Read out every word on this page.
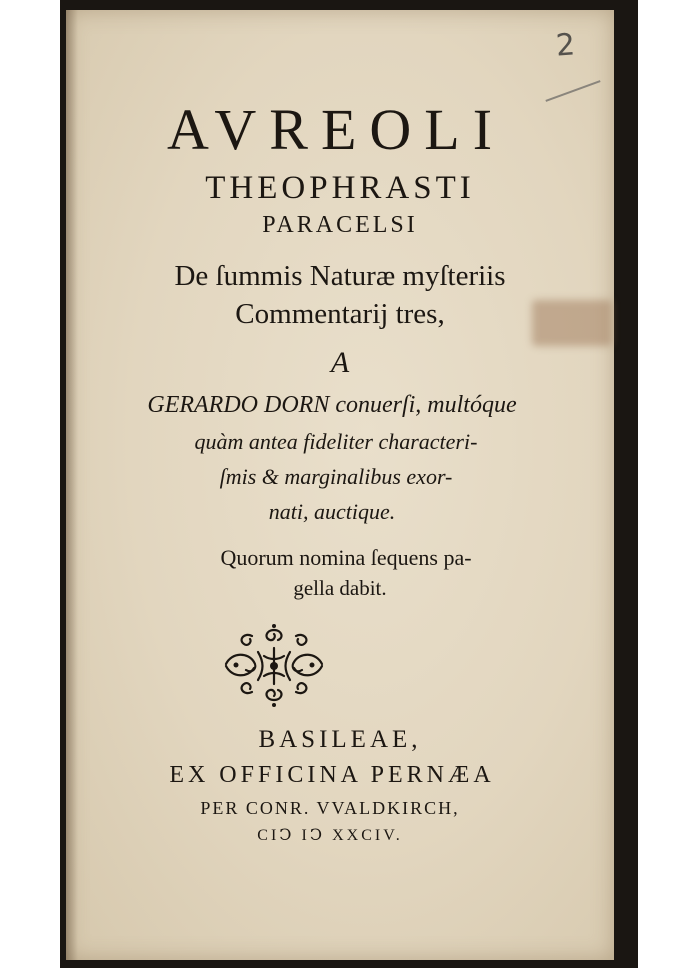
2
AVREOLI
THEOPHRASTI
PARACELSI
De ſummis Naturæ myſteriis
Commentarij tres,
A
GERARDO DORN conuerſi, multóque
quàm antea fideliter characteri-
ſmis & marginalibus exor-
nati, auctique.
Quorum nomina ſequens pa-
gella dabit.
BASILEAE,
EX OFFICINA PERNÆA
PER CONR. VVALDKIRCH,
CIↃ IↃ XXCIV.
